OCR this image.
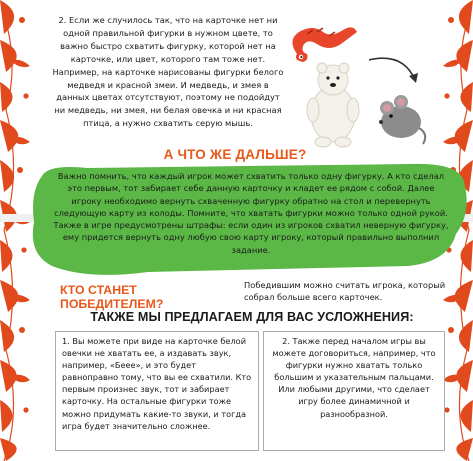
2. Если же случилось так, что на карточке нет ни одной правильной фигурки в нужном цвете, то важно быстро схватить фигурку, которой нет на карточке, или цвет, которого там тоже нет. Например, на карточке нарисованы фигурки белого медведя и красной змеи. И медведь, и змея в данных цветах отсутствуют, поэтому не подойдут ни медведь, ни змея, ни белая овечка и ни красная птица, а нужно схватить серую мышь.
А ЧТО ЖЕ ДАЛЬШЕ?
Важно помнить, что каждый игрок может схватить только одну фигурку. А кто сделал это первым, тот забирает себе данную карточку и кладет ее рядом с собой. Далее игроку необходимо вернуть схваченную фигурку обратно на стол и перевернуть следующую карту из колоды. Помните, что хватать фигурки можно только одной рукой. Также в игре предусмотрены штрафы: если один из игроков схватил неверную фигурку, ему придется вернуть одну любую свою карту игроку, который правильно выполнил задание.
КТО СТАНЕТ ПОБЕДИТЕЛЕМ?
Победившим можно считать игрока, который собрал больше всего карточек.
ТАКЖЕ МЫ ПРЕДЛАГАЕМ ДЛЯ ВАС УСЛОЖНЕНИЯ:

1. Вы можете при виде на карточке белой овечки не хватать ее, а издавать звук, например, «Беее», и это будет равноправно тому, что вы ее схватили. Кто первым произнес звук, тот и забирает карточку. На остальные фигурки тоже можно придумать какие-то звуки, и тогда игра будет значительно сложнее.

2. Также перед началом игры вы можете договориться, например, что фигурки нужно хватать только большим и указательным пальцами. Или любыми другими, что сделает игру более динамичной и разнообразной.
